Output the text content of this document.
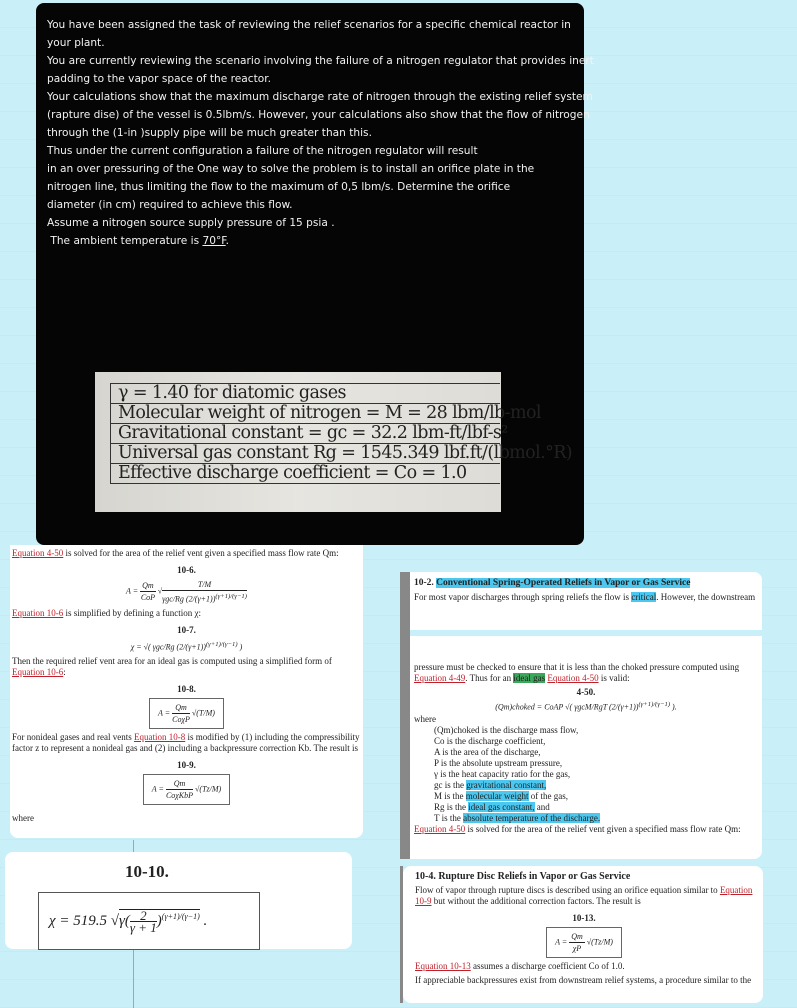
You have been assigned the task of reviewing the relief scenarios for a specific chemical reactor in

your plant.

You are currently reviewing the scenario involving the failure of a nitrogen regulator that provides inert

padding to the vapor space of the reactor.

Your calculations show that the maximum discharge rate of nitrogen through the existing relief system

(rapture dise) of the vessel is 0.5lbm/s. However, your calculations also show that the flow of nitrogen

through the (1-in )supply pipe will be much greater than this.

Thus under the current configuration a failure of the nitrogen regulator will result

in an over pressuring of the One way to solve the problem is to install an orifice plate in the

nitrogen line, thus limiting the flow to the maximum of 0,5 lbm/s. Determine the orifice

diameter (in cm) required to achieve this flow.

Assume a nitrogen source supply pressure of 15 psia .

The ambient temperature is 70°F.

γ = 1.40 for diatomic gases
Molecular weight of nitrogen = M = 28 lbm/lb-mol
Gravitational constant = gc = 32.2 lbm-ft/lbf-s²
Universal gas constant Rg = 1545.349 lbf.ft/(lbmol.°R)
Effective discharge coefficient = Co = 1.0

Equation 4-50 is solved for the area of the relief vent given a specified mass flow rate Qm:

10-6.
$A = \frac{Qm}{\text{CoP}}$ √ $\frac{T/M}{\gamma gc/Rg (2/(\gamma+1))^{(\gamma+1)/(\gamma-1)}}$

Equation 10-6 is simplified by defining a function χ:

10-7.
χ = √( γgc/Rg $(2/(\gamma+1))^{(\gamma+1)/(\gamma-1)}$ )

Then the required relief vent area for an ideal gas is computed using a simplified form of Equation 10-6:

10-8.
$A = \frac{Qm}{\text{CoχP}} √(T/M)$

For nonideal gases and real vents Equation 10-8 is modified by (1) including the compressibility factor z to represent a nonideal gas and (2) including a backpressure correction Kb. The result is

10-9.
$A = \frac{Qm}{\text{CoχKbP}} √(Tz/M)$

where

10-2. Conventional Spring-Operated Reliefs in Vapor or Gas Service

For most vapor discharges through spring reliefs the flow is critical. However, the downstream

pressure must be checked to ensure that it is less than the choked pressure computed using Equation 4-49. Thus for an ideal gas Equation 4-50 is valid:

4-50.
(Qm)choked = CoAP √( γgcM/RgT $(2/(\gamma+1))^{(\gamma+1)/(\gamma-1)}$ ).

where

(Qm)choked is the discharge mass flow,
Co is the discharge coefficient,
A is the area of the discharge,
P is the absolute upstream pressure,
γ is the heat capacity ratio for the gas,
gc is the gravitational constant,
M is the molecular weight of the gas,
Rg is the ideal gas constant, and
T is the absolute temperature of the discharge.

Equation 4-50 is solved for the area of the relief vent given a specified mass flow rate Qm:

10-10.
χ = 519.5 √ $\gamma( \frac{2}{\gamma + 1} )^{(\gamma+1)/(\gamma-1)}$ .

10-4. Rupture Disc Reliefs in Vapor or Gas Service

Flow of vapor through rupture discs is described using an orifice equation similar to Equation 10-9 but without the additional correction factors. The result is

10-13.
$A = \frac{Qm}{\chi P} √(Tz/M)$

Equation 10-13 assumes a discharge coefficient Co of 1.0.

If appreciable backpressures exist from downstream relief systems, a procedure similar to the
